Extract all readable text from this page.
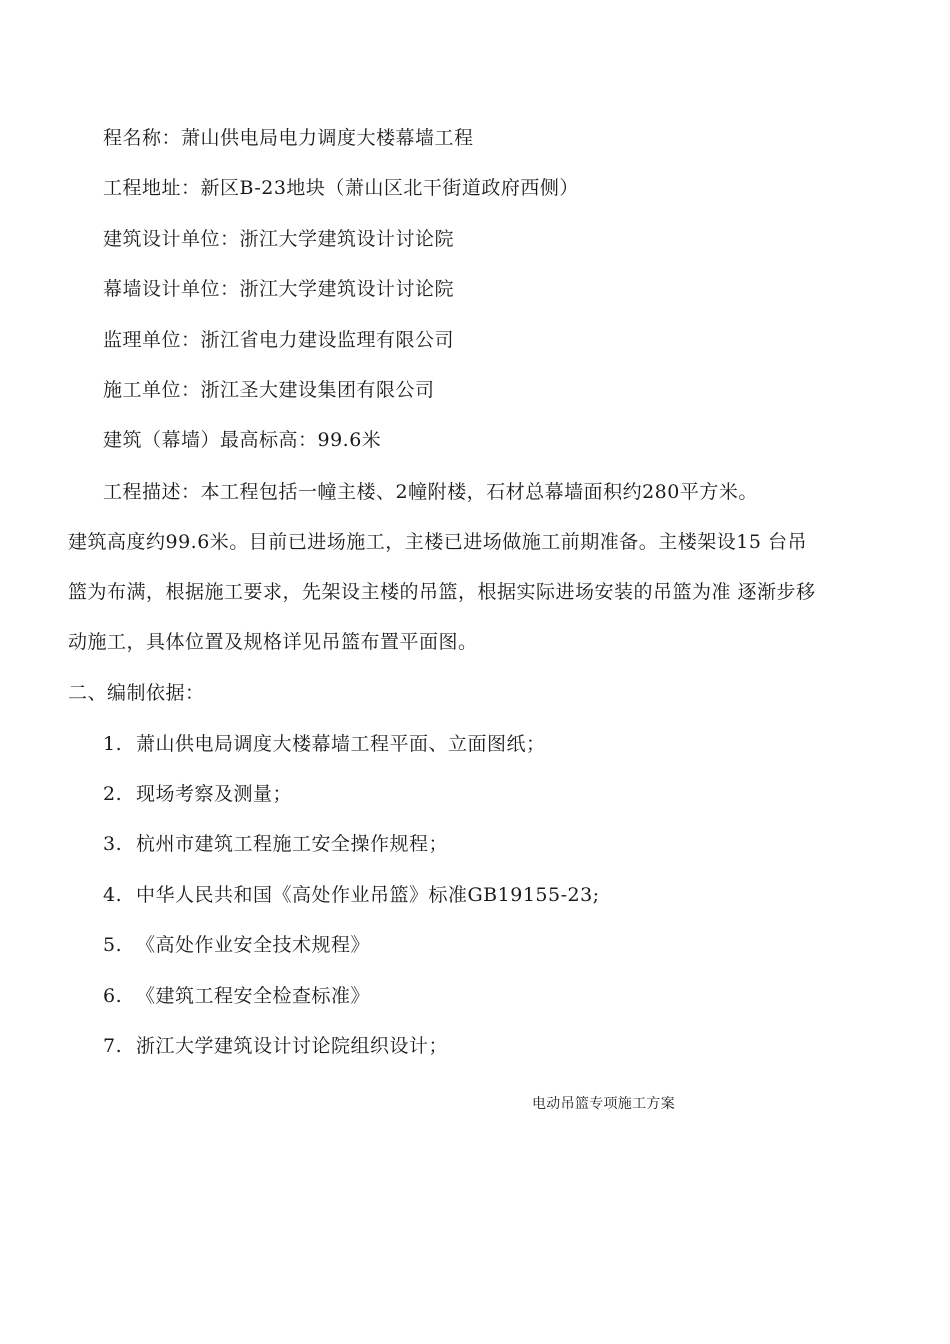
程名称：萧山供电局电力调度大楼幕墙工程
工程地址：新区B-23地块（萧山区北干街道政府西侧）
建筑设计单位：浙江大学建筑设计讨论院
幕墙设计单位：浙江大学建筑设计讨论院
监理单位：浙江省电力建设监理有限公司
施工单位：浙江圣大建设集团有限公司
建筑（幕墙）最高标高：99.6米
工程描述：本工程包括一幢主楼、2幢附楼，石材总幕墙面积约280平方米。
建筑高度约99.6米。目前已进场施工，主楼已进场做施工前期准备。主楼架设15 台吊
篮为布满，根据施工要求，先架设主楼的吊篮，根据实际进场安装的吊篮为准 逐渐步移
动施工，具体位置及规格详见吊篮布置平面图。
二、编制依据：
1. 萧山供电局调度大楼幕墙工程平面、立面图纸；
2. 现场考察及测量；
3. 杭州市建筑工程施工安全操作规程；
4. 中华人民共和国《高处作业吊篮》标准GB19155-23;
5. 《高处作业安全技术规程》
6. 《建筑工程安全检查标准》
7. 浙江大学建筑设计讨论院组织设计；
电动吊篮专项施工方案
